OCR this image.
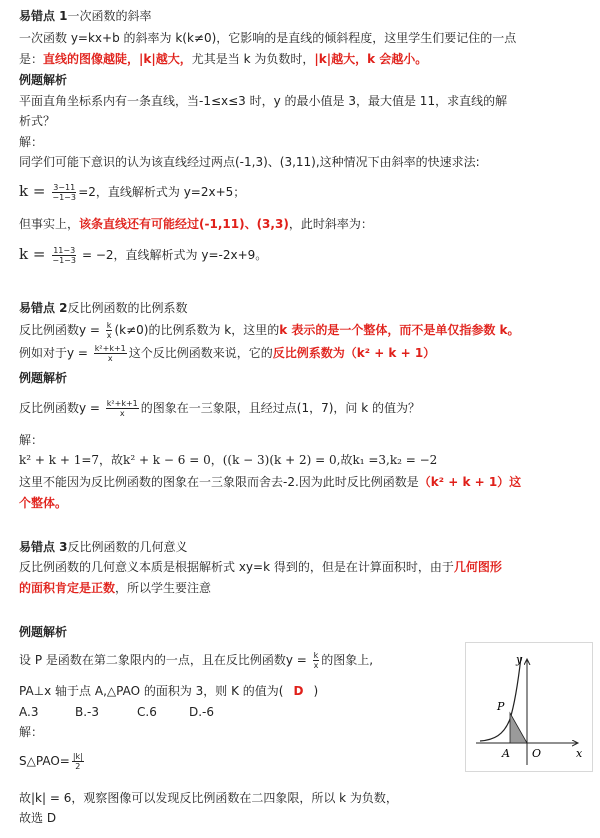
易错点 1一次函数的斜率
一次函数 y=kx+b 的斜率为 k(k≠0)，它影响的是直线的倾斜程度，这里学生们要记住的一点
是：直线的图像越陡，|k|越大，尤其是当 k 为负数时，|k|越大，k 会越小。
例题解析
平面直角坐标系内有一条直线，当-1≤x≤3 时，y 的最小值是 3，最大值是 11，求直线的解
析式？
解：
同学们可能下意识的认为该直线经过两点(-1,3)、(3,11),这种情况下由斜率的快速求法:
$k = \frac{3-11}{-1-3} =2$，直线解析式为 y=2x+5；
但事实上，该条直线还有可能经过(-1,11)、(3,3)，此时斜率为：
$k = \frac{11-3}{-1-3} = -2$，直线解析式为 y=-2x+9。
易错点 2反比例函数的比例系数
反比例函数$y = \frac{k}{x} (k\ne 0)$的比例系数为 k，这里的k 表示的是一个整体，而不是单仅指参数 k。
例如对于$y = \frac{\text{k²+k+1}}{x}$ 这个反比例函数来说，它的反比例系数为（k² + k + 1）
例题解析
反比例函数$y = \frac{\text{k²+k+1}}{x}$ 的图象在一三象限，且经过点(1，7)，问 k 的值为？
解：
k² + k + 1=7，故k² + k − 6 = 0，((k − 3)(k + 2) = 0,故k₁ =3,k₂ = −2
这里不能因为反比例函数的图象在一三象限而舍去-2.因为此时反比例函数是（k² + k + 1）这
个整体。
易错点 3反比例函数的几何意义
反比例函数的几何意义本质是根据解析式 xy=k 得到的，但是在计算面积时，由于几何图形
的面积肯定是正数，所以学生要注意
例题解析
设 P 是函数在第二象限内的一点，且在反比例函数$y = \frac{k}{x}$ 的图象上,
PA⊥x 轴于点 A,△PAO 的面积为 3，则 K 的值为( D )
A.3	B.-3	C.6	D.-6
解：
S△PAO= $\frac{|k|}{2}$
故|k| = 6，观察图像可以发现反比例函数在二四象限，所以 k 为负数，
故选 D
y
x
P
A O
